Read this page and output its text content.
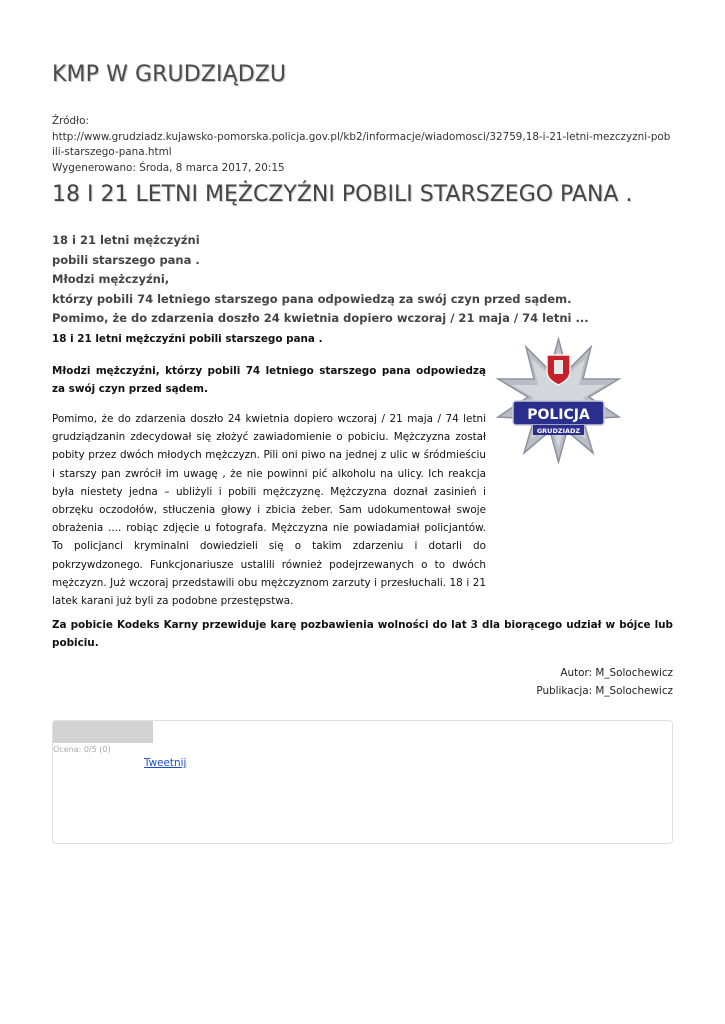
KMP W GRUDZIĄDZU
Źródło:
http://www.grudziadz.kujawsko-pomorska.policja.gov.pl/kb2/informacje/wiadomosci/32759,18-i-21-letni-mezczyzni-pobili-starszego-pana.html
Wygenerowano: Środa, 8 marca 2017, 20:15
18 I 21 LETNI MĘŻCZYŹNI POBILI STARSZEGO PANA .
18 i 21 letni mężczyźni
pobili starszego pana .
Młodzi mężczyźni,
którzy pobili 74 letniego starszego pana odpowiedzą za swój czyn przed sądem.
Pomimo, że do zdarzenia doszło 24 kwietnia dopiero wczoraj / 21 maja / 74 letni ...
18 i 21 letni mężczyźni pobili starszego pana .
Młodzi mężczyźni, którzy pobili 74 letniego starszego pana odpowiedzą za swój czyn przed sądem.
Pomimo, że do zdarzenia doszło 24 kwietnia dopiero wczoraj / 21 maja / 74 letni grudziądzanin zdecydował się złożyć zawiadomienie o pobiciu. Mężczyzna został pobity przez dwóch młodych mężczyzn. Pili oni piwo na jednej z ulic w śródmieściu i starszy pan zwrócił im uwagę , że nie powinni pić alkoholu na ulicy. Ich reakcja była niestety jedna – ubliżyli i pobili mężczyznę. Mężczyzna doznał zasinień i obrzęku oczodołów, stłuczenia głowy i zbicia żeber. Sam udokumentował swoje obrażenia .... robiąc zdjęcie u fotografa. Mężczyzna nie powiadamiał policjantów. To policjanci kryminalni dowiedzieli się o takim zdarzeniu i dotarli do pokrzywdzonego. Funkcjonariusze ustalili również podejrzewanych o to dwóch mężczyzn. Już wczoraj przedstawili obu mężczyznom zarzuty i przesłuchali. 18 i 21 latek karani już byli za podobne przestępstwa.
POLICJA
GRUDZIADZ
Za pobicie Kodeks Karny przewiduje karę pozbawienia wolności do lat 3 dla biorącego udział w bójce lub pobiciu.
Autor: M_Solochewicz
Publikacja: M_Solochewicz
Ocena: 0/5 (0)
Tweetnij
